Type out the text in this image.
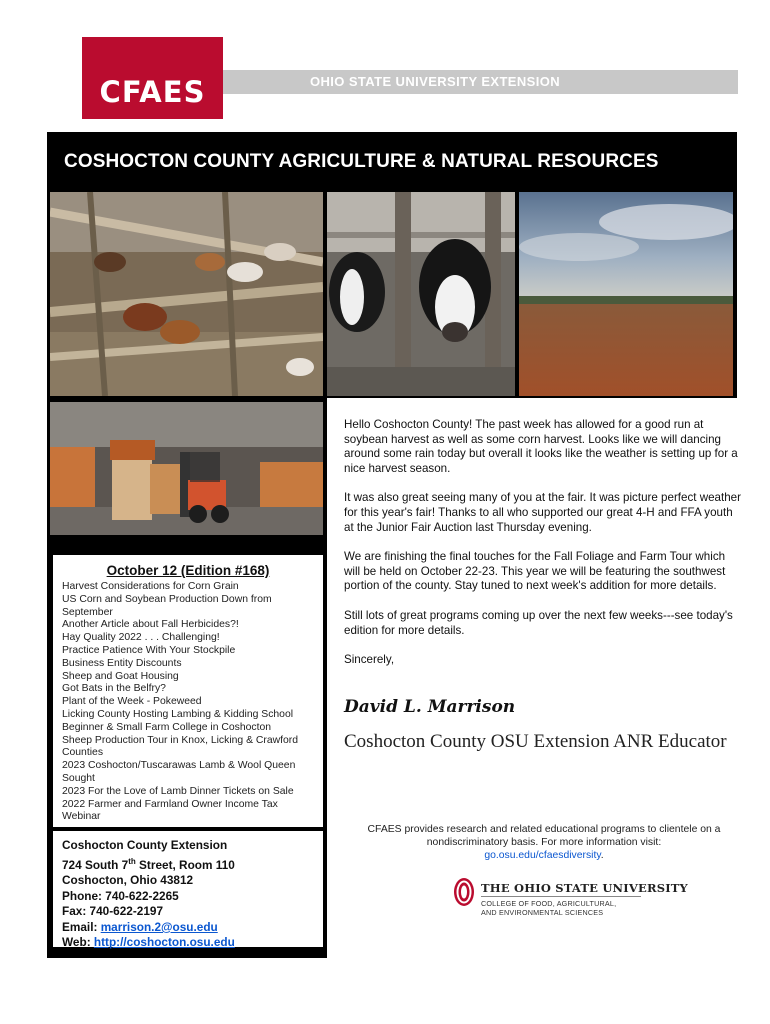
CFAES	OHIO STATE UNIVERSITY EXTENSION
COSHOCTON COUNTY AGRICULTURE & NATURAL RESOURCES
October 12 (Edition #168)
Harvest Considerations for Corn Grain
US Corn and Soybean Production Down from September
Another Article about Fall Herbicides?!
Hay Quality 2022 . . . Challenging!
Practice Patience With Your Stockpile
Business Entity Discounts
Sheep and Goat Housing
Got Bats in the Belfry?
Plant of the Week - Pokeweed
Licking County Hosting Lambing & Kidding School
Beginner & Small Farm College in Coshocton
Sheep Production Tour in Knox, Licking & Crawford Counties
2023 Coshocton/Tuscarawas Lamb & Wool Queen Sought
2023 For the Love of Lamb Dinner Tickets on Sale
2022 Farmer and Farmland Owner Income Tax Webinar
Coshocton County Extension
724 South 7th Street, Room 110
Coshocton, Ohio 43812
Phone: 740-622-2265
Fax: 740-622-2197
Email: marrison.2@osu.edu
Web: http://coshocton.osu.edu

Hello Coshocton County! The past week has allowed for a good run at soybean harvest as well as some corn harvest. Looks like we will dancing around some rain today but overall it looks like the weather is setting up for a nice harvest season.

It was also great seeing many of you at the fair. It was picture perfect weather for this year's fair! Thanks to all who supported our great 4-H and FFA youth at the Junior Fair Auction last Thursday evening.

We are finishing the final touches for the Fall Foliage and Farm Tour which will be held on October 22-23. This year we will be featuring the southwest portion of the county. Stay tuned to next week's addition for more details.

Still lots of great programs coming up over the next few weeks---see today's edition for more details.

Sincerely,

David L. Marrison
Coshocton County OSU Extension ANR Educator
CFAES provides research and related educational programs to clientele on a nondiscriminatory basis. For more information visit:
go.osu.edu/cfaesdiversity.
THE OHIO STATE UNIVERSITY
COLLEGE OF FOOD, AGRICULTURAL,
AND ENVIRONMENTAL SCIENCES
